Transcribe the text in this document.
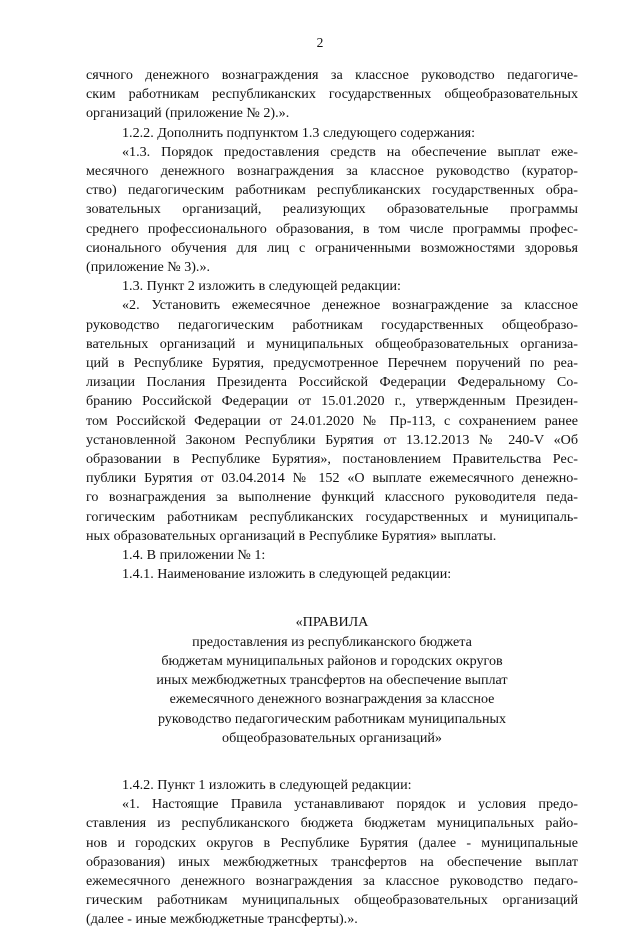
2

сячного денежного вознаграждения за классное руководство педагогиче-
ским работникам республиканских государственных общеобразовательных
организаций (приложение № 2).».

1.2.2. Дополнить подпунктом 1.3 следующего содержания:

«1.3. Порядок предоставления средств на обеспечение выплат еже-
месячного денежного вознаграждения за классное руководство (куратор-
ство) педагогическим работникам республиканских государственных обра-
зовательных организаций, реализующих образовательные программы
среднего профессионального образования, в том числе программы профес-
сионального обучения для лиц с ограниченными возможностями здоровья
(приложение № 3).».

1.3. Пункт 2 изложить в следующей редакции:

«2. Установить ежемесячное денежное вознаграждение за классное
руководство педагогическим работникам государственных общеобразо-
вательных организаций и муниципальных общеобразовательных организа-
ций в Республике Бурятия, предусмотренное Перечнем поручений по реа-
лизации Послания Президента Российской Федерации Федеральному Со-
бранию Российской Федерации от 15.01.2020 г., утвержденным Президен-
том Российской Федерации от 24.01.2020 № Пр-113, с сохранением ранее
установленной Законом Республики Бурятия от 13.12.2013 № 240-V «Об
образовании в Республике Бурятия», постановлением Правительства Рес-
публики Бурятия от 03.04.2014 № 152 «О выплате ежемесячного денежно-
го вознаграждения за выполнение функций классного руководителя педа-
гогическим работникам республиканских государственных и муниципаль-
ных образовательных организаций в Республике Бурятия» выплаты.

1.4. В приложении № 1:

1.4.1. Наименование изложить в следующей редакции:

«ПРАВИЛА
предоставления из республиканского бюджета
бюджетам муниципальных районов и городских округов
иных межбюджетных трансфертов на обеспечение выплат
ежемесячного денежного вознаграждения за классное
руководство педагогическим работникам муниципальных
общеобразовательных организаций»

1.4.2. Пункт 1 изложить в следующей редакции:

«1. Настоящие Правила устанавливают порядок и условия предо-
ставления из республиканского бюджета бюджетам муниципальных райо-
нов и городских округов в Республике Бурятия (далее - муниципальные
образования) иных межбюджетных трансфертов на обеспечение выплат
ежемесячного денежного вознаграждения за классное руководство педаго-
гическим работникам муниципальных общеобразовательных организаций
(далее - иные межбюджетные трансферты).».
